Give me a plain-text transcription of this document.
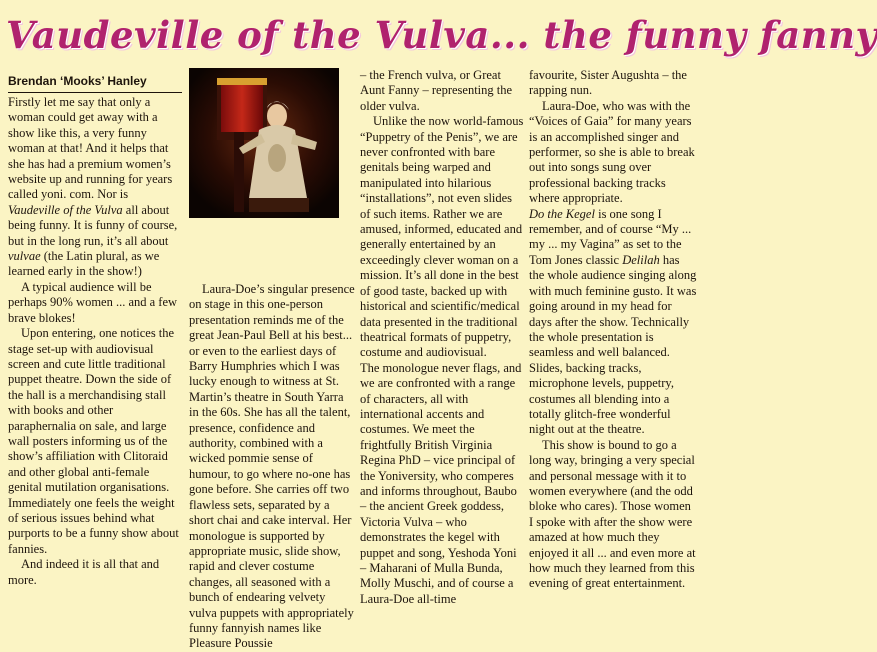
Vaudeville of the Vulva... the funny fanny
Brendan ‘Mooks’ Hanley

Firstly let me say that only a woman could get away with a show like this, a very funny woman at that! And it helps that she has had a premium women’s website up and running for years called yoni. com. Nor is Vaudeville of the Vulva all about being funny. It is funny of course, but in the long run, it’s all about vulvae (the Latin plural, as we learned early in the show!)

A typical audience will be perhaps 90% women ... and a few brave blokes!

Upon entering, one notices the stage set-up with audiovisual screen and cute little traditional puppet theatre. Down the side of the hall is a merchandising stall with books and other paraphernalia on sale, and large wall posters informing us of the show’s affiliation with Clitoraid and other global anti-female genital mutilation organisations. Immediately one feels the weight of serious issues behind what purports to be a funny show about fannies.

And indeed it is all that and more.

Laura-Doe’s singular presence on stage in this one-person presentation reminds me of the great Jean-Paul Bell at his best... or even to the earliest days of Barry Humphries which I was lucky enough to witness at St. Martin’s theatre in South Yarra in the 60s. She has all the talent, presence, confidence and authority, combined with a wicked pommie sense of humour, to go where no-one has gone before. She carries off two flawless sets, separated by a short chai and cake interval. Her monologue is supported by appropriate music, slide show, rapid and clever costume changes, all seasoned with a bunch of endearing velvety vulva puppets with appropriately funny fannyish names like Pleasure Poussie

– the French vulva, or Great Aunt Fanny – representing the older vulva.

Unlike the now world-famous “Puppetry of the Penis”, we are never confronted with bare genitals being warped and manipulated into hilarious “installations”, not even slides of such items. Rather we are amused, informed, educated and generally entertained by an exceedingly clever woman on a mission. It’s all done in the best of good taste, backed up with historical and scientific/medical data presented in the traditional theatrical formats of puppetry, costume and audiovisual.

The monologue never flags, and we are confronted with a range of characters, all with international accents and costumes. We meet the frightfully British Virginia Regina PhD – vice principal of the Yoniversity, who comperes and informs throughout, Baubo – the ancient Greek goddess, Victoria Vulva – who demonstrates the kegel with puppet and song, Yeshoda Yoni – Maharani of Mulla Bunda, Molly Muschi, and of course a Laura-Doe all-time

favourite, Sister Augushta – the rapping nun.

Laura-Doe, who was with the “Voices of Gaia” for many years is an accomplished singer and performer, so she is able to break out into songs sung over professional backing tracks where appropriate.

Do the Kegel is one song I remember, and of course “My ... my ... my Vagina” as set to the Tom Jones classic Delilah has the whole audience singing along with much feminine gusto. It was going around in my head for days after the show. Technically the whole presentation is seamless and well balanced. Slides, backing tracks, microphone levels, puppetry, costumes all blending into a totally glitch-free wonderful night out at the theatre.

This show is bound to go a long way, bringing a very special and personal message with it to women everywhere (and the odd bloke who cares). Those women I spoke with after the show were amazed at how much they enjoyed it all ... and even more at how much they learned from this evening of great entertainment.
